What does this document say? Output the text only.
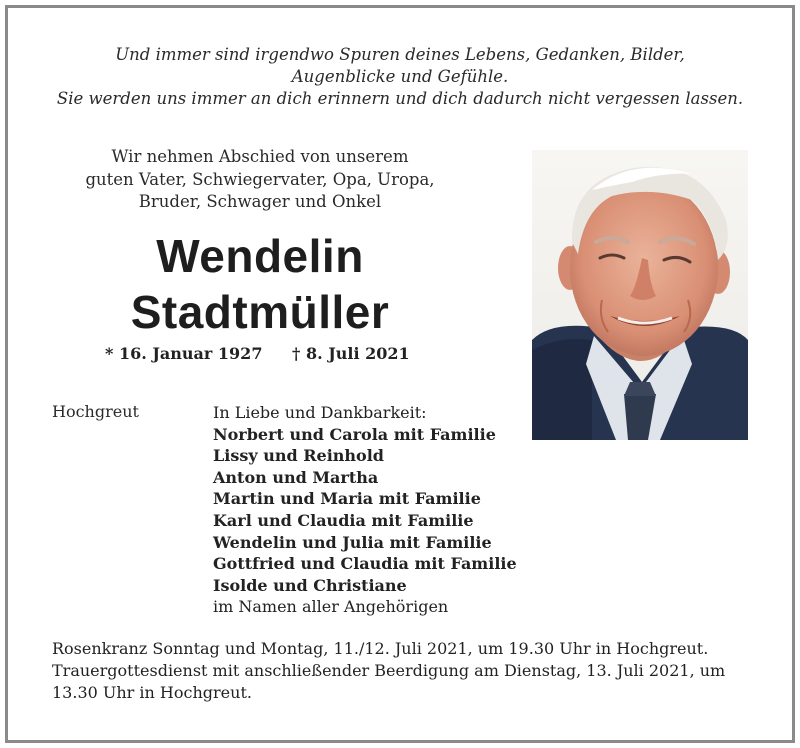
Und immer sind irgendwo Spuren deines Lebens, Gedanken, Bilder,
Augenblicke und Gefühle.
Sie werden uns immer an dich erinnern und dich dadurch nicht vergessen lassen.
Wir nehmen Abschied von unserem
guten Vater, Schwiegervater, Opa, Uropa,
Bruder, Schwager und Onkel
Wendelin
Stadtmüller
* 16. Januar 1927 † 8. Juli 2021
Hochgreut	In Liebe und Dankbarkeit:
Norbert und Carola mit Familie
Lissy und Reinhold
Anton und Martha
Martin und Maria mit Familie
Karl und Claudia mit Familie
Wendelin und Julia mit Familie
Gottfried und Claudia mit Familie
Isolde und Christiane
im Namen aller Angehörigen
Rosenkranz Sonntag und Montag, 11./12. Juli 2021, um 19.30 Uhr in Hochgreut.
Trauergottesdienst mit anschließender Beerdigung am Dienstag, 13. Juli 2021, um
13.30 Uhr in Hochgreut.
